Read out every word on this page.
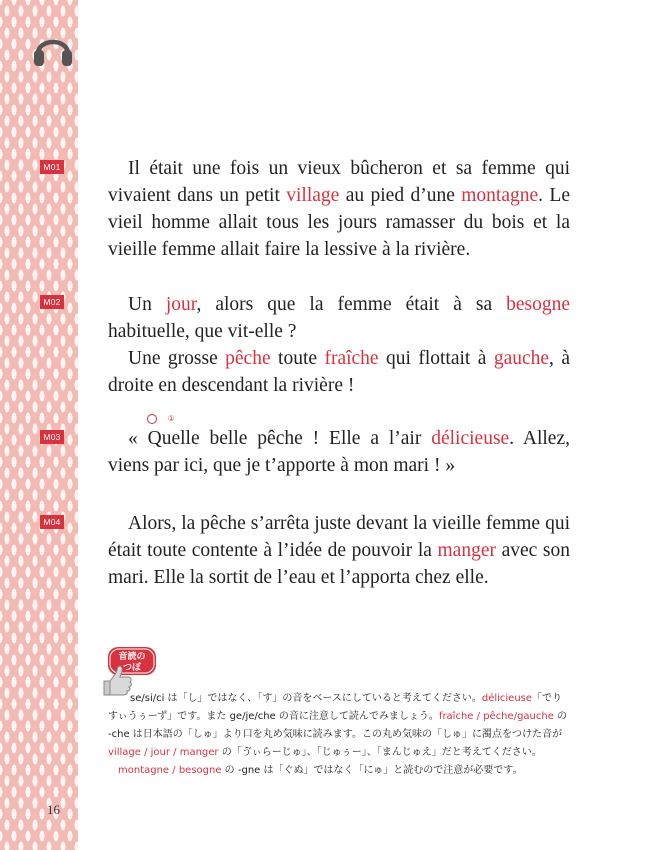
M01
M02
M03
M04

Il était une fois un vieux bûcheron et sa femme qui vivaient dans un petit village au pied d’une montagne. Le vieil homme allait tous les jours ramasser du bois et la vieille femme allait faire la lessive à la rivière.

Un jour, alors que la femme était à sa besogne habituelle, que vit-elle ?

Une grosse pêche toute fraîche qui flottait à gauche, à droite en descendant la rivière !

«
①
Quelle belle pêche ! Elle a l’air délicieuse. Allez, viens par ici, que je t’apporte à mon mari ! »

Alors, la pêche s’arrêta juste devant la vieille femme qui était toute contente à l’idée de pouvoir la manger avec son mari. Elle la sortit de l’eau et l’apporta chez elle.

音読の
つぼ

se/si/ci は「し」ではなく、「す」の音をベースにしていると考えてください。délicieuse「でりすぃうぅーず」です。また ge/je/che の音に注意して読んでみましょう。fraîche / pêche/gauche の -che は日本語の「しゅ」より口を丸め気味に読みます。この丸め気味の「しゅ」に濁点をつけた音が village / jour / manger の「ゔぃらーじゅ」、「じゅぅー」、「まんじゅえ」だと考えてください。

montagne / besogne の -gne は「ぐぬ」ではなく「にゅ」と読むので注意が必要です。

16
